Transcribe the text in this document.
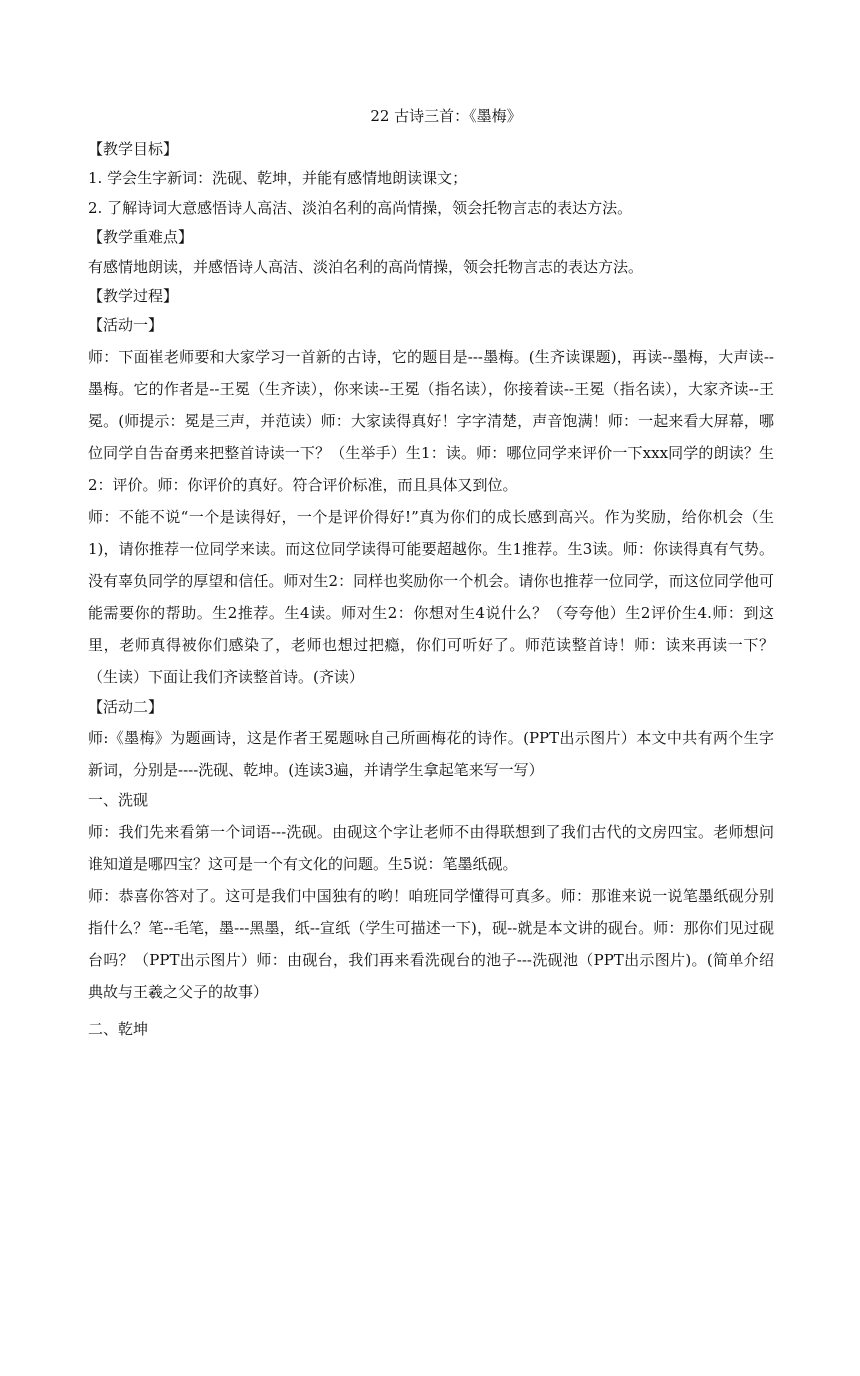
22 古诗三首：《墨梅》

【教学目标】

1. 学会生字新词：洗砚、乾坤，并能有感情地朗读课文；

2. 了解诗词大意感悟诗人高洁、淡泊名利的高尚情操，领会托物言志的表达方法。

【教学重难点】

有感情地朗读，并感悟诗人高洁、淡泊名利的高尚情操，领会托物言志的表达方法。

【教学过程】

【活动一】

师：下面崔老师要和大家学习一首新的古诗，它的题目是---墨梅。(生齐读课题)，再读--墨梅，大声读--墨梅。它的作者是--王冕（生齐读），你来读--王冕（指名读），你接着读--王冕（指名读），大家齐读--王冕。(师提示：冕是三声，并范读）师：大家读得真好！字字清楚，声音饱满！师：一起来看大屏幕，哪位同学自告奋勇来把整首诗读一下？（生举手）生1：读。师：哪位同学来评价一下xxx同学的朗读？生2：评价。师：你评价的真好。符合评价标准，而且具体又到位。

师：不能不说“一个是读得好，一个是评价得好!”真为你们的成长感到高兴。作为奖励，给你机会（生1)，请你推荐一位同学来读。而这位同学读得可能要超越你。生1推荐。生3读。师：你读得真有气势。没有辜负同学的厚望和信任。师对生2：同样也奖励你一个机会。请你也推荐一位同学，而这位同学他可能需要你的帮助。生2推荐。生4读。师对生2：你想对生4说什么？（夸夸他）生2评价生4.师：到这里，老师真得被你们感染了，老师也想过把瘾，你们可听好了。师范读整首诗！师：读来再读一下？（生读）下面让我们齐读整首诗。(齐读）

【活动二】

师:《墨梅》为题画诗，这是作者王冕题咏自己所画梅花的诗作。(PPT出示图片）本文中共有两个生字新词，分别是----洗砚、乾坤。(连读3遍，并请学生拿起笔来写一写）

一、洗砚

师：我们先来看第一个词语---洗砚。由砚这个字让老师不由得联想到了我们古代的文房四宝。老师想问谁知道是哪四宝？这可是一个有文化的问题。生5说：笔墨纸砚。

师：恭喜你答对了。这可是我们中国独有的哟！咱班同学懂得可真多。师：那谁来说一说笔墨纸砚分别指什么？笔--毛笔，墨---黑墨，纸--宣纸（学生可描述一下)，砚--就是本文讲的砚台。师：那你们见过砚台吗？（PPT出示图片）师：由砚台，我们再来看洗砚台的池子---洗砚池（PPT出示图片)。(简单介绍典故与王羲之父子的故事）

二、乾坤
